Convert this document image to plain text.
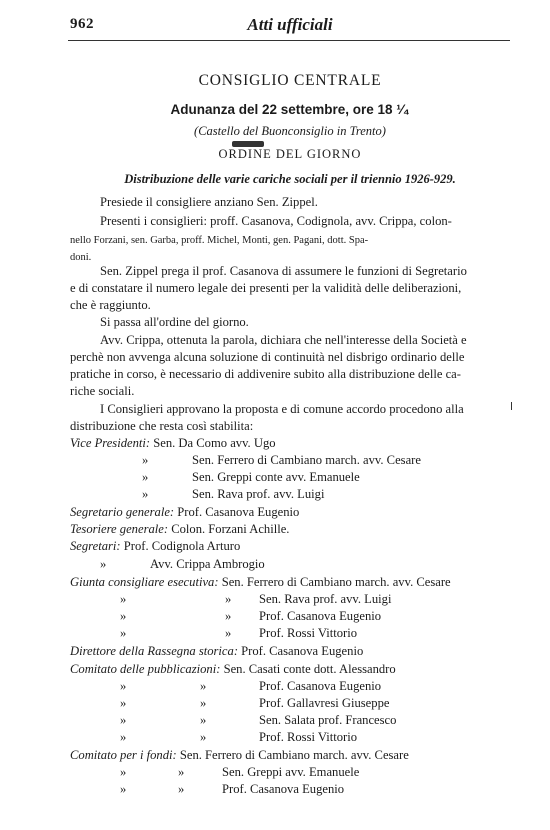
962	Atti ufficiali
CONSIGLIO CENTRALE
Adunanza del 22 settembre, ore 18 ¹⁄₄
(Castello del Buonconsiglio in Trento)
ORDINE DEL GIORNO
Distribuzione delle varie cariche sociali per il triennio 1926-929.
Presiede il consigliere anziano Sen. Zippel.
Presenti i consiglieri: proff. Casanova, Codignola, avv. Crippa, colon-
nello Forzani, sen. Garba, proff. Michel, Monti, gen. Pagani, dott. Spa-
doni.
Sen. Zippel prega il prof. Casanova di assumere le funzioni di Segretario
e di constatare il numero legale dei presenti per la validità delle deliberazioni,
che è raggiunto.
Si passa all'ordine del giorno.
Avv. Crippa, ottenuta la parola, dichiara che nell'interesse della Società e
perchè non avvenga alcuna soluzione di continuità nel disbrigo ordinario delle
pratiche in corso, è necessario di addivenire subito alla distribuzione delle ca-
riche sociali.
I Consiglieri approvano la proposta e di comune accordo procedono alla
distribuzione che resta così stabilita:
Vice Presidenti: Sen. Da Como avv. Ugo
»	Sen. Ferrero di Cambiano march. avv. Cesare
»	Sen. Greppi conte avv. Emanuele
»	Sen. Rava prof. avv. Luigi
Segretario generale: Prof. Casanova Eugenio
Tesoriere generale: Colon. Forzani Achille.
Segretari: Prof. Codignola Arturo
»	Avv. Crippa Ambrogio
Giunta consigliare esecutiva: Sen. Ferrero di Cambiano march. avv. Cesare
»	» Sen. Rava prof. avv. Luigi
»	» Prof. Casanova Eugenio
»	» Prof. Rossi Vittorio
Direttore della Rassegna storica: Prof. Casanova Eugenio
Comitato delle pubblicazioni: Sen. Casati conte dott. Alessandro
»	»	Prof. Casanova Eugenio
»	»	Prof. Gallavresi Giuseppe
»	»	Sen. Salata prof. Francesco
»	»	Prof. Rossi Vittorio
Comitato per i fondi: Sen. Ferrero di Cambiano march. avv. Cesare
»	»	Sen. Greppi avv. Emanuele
»	»	Prof. Casanova Eugenio
